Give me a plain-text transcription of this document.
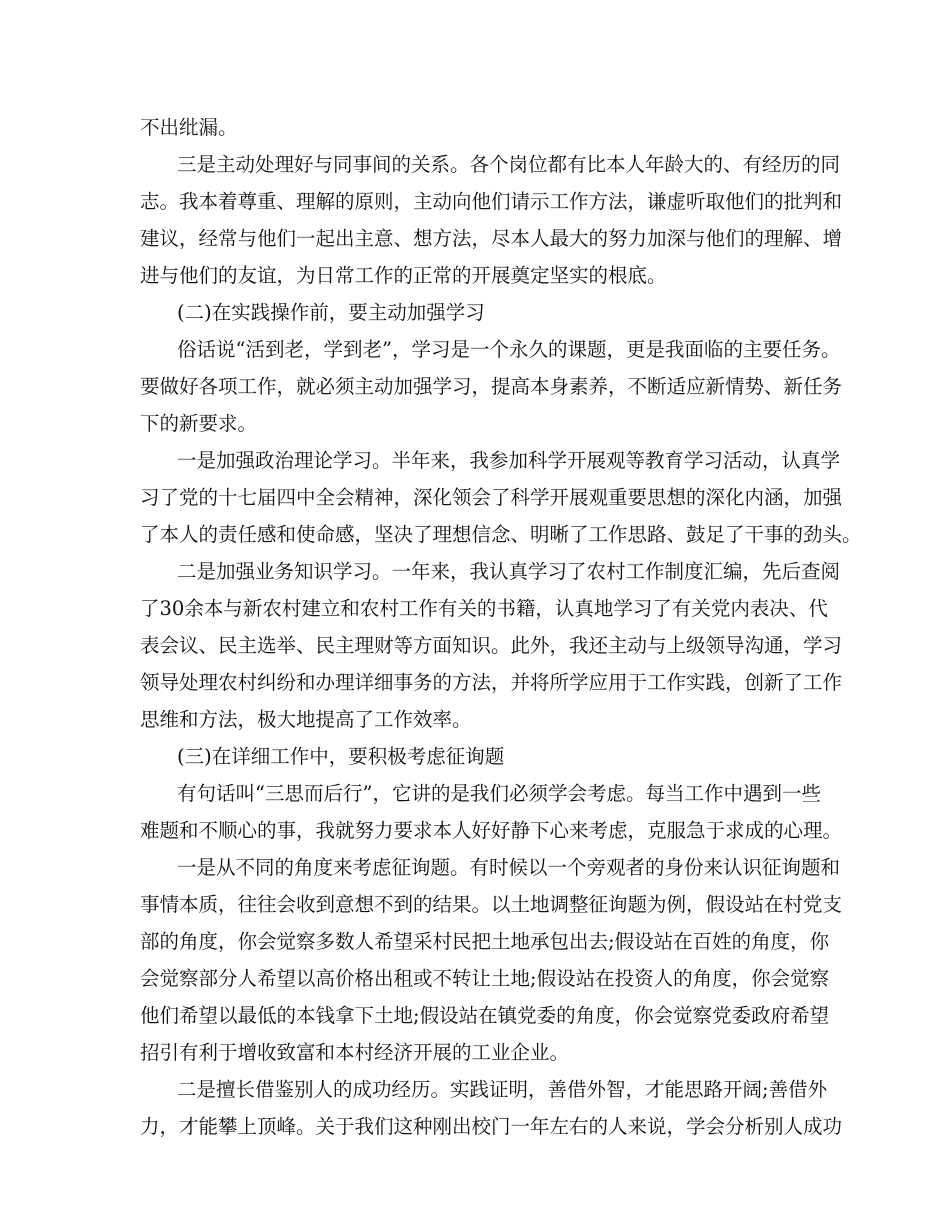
不出纰漏。
三是主动处理好与同事间的关系。各个岗位都有比本人年龄大的、有经历的同
志。我本着尊重、理解的原则，主动向他们请示工作方法，谦虚听取他们的批判和
建议，经常与他们一起出主意、想方法，尽本人最大的努力加深与他们的理解、增
进与他们的友谊，为日常工作的正常的开展奠定坚实的根底。
(二)在实践操作前，要主动加强学习
俗话说“活到老，学到老”，学习是一个永久的课题，更是我面临的主要任务。
要做好各项工作，就必须主动加强学习，提高本身素养，不断适应新情势、新任务
下的新要求。
一是加强政治理论学习。半年来，我参加科学开展观等教育学习活动，认真学
习了党的十七届四中全会精神，深化领会了科学开展观重要思想的深化内涵，加强
了本人的责任感和使命感，坚决了理想信念、明晰了工作思路、鼓足了干事的劲头。
二是加强业务知识学习。一年来，我认真学习了农村工作制度汇编，先后查阅
了30余本与新农村建立和农村工作有关的书籍，认真地学习了有关党内表决、代
表会议、民主选举、民主理财等方面知识。此外，我还主动与上级领导沟通，学习
领导处理农村纠纷和办理详细事务的方法，并将所学应用于工作实践，创新了工作
思维和方法，极大地提高了工作效率。
(三)在详细工作中，要积极考虑征询题
有句话叫“三思而后行”，它讲的是我们必须学会考虑。每当工作中遇到一些
难题和不顺心的事，我就努力要求本人好好静下心来考虑，克服急于求成的心理。
一是从不同的角度来考虑征询题。有时候以一个旁观者的身份来认识征询题和
事情本质，往往会收到意想不到的结果。以土地调整征询题为例，假设站在村党支
部的角度，你会觉察多数人希望采村民把土地承包出去;假设站在百姓的角度，你
会觉察部分人希望以高价格出租或不转让土地;假设站在投资人的角度，你会觉察
他们希望以最低的本钱拿下土地;假设站在镇党委的角度，你会觉察党委政府希望
招引有利于增收致富和本村经济开展的工业企业。
二是擅长借鉴别人的成功经历。实践证明，善借外智，才能思路开阔;善借外
力，才能攀上顶峰。关于我们这种刚出校门一年左右的人来说，学会分析别人成功
